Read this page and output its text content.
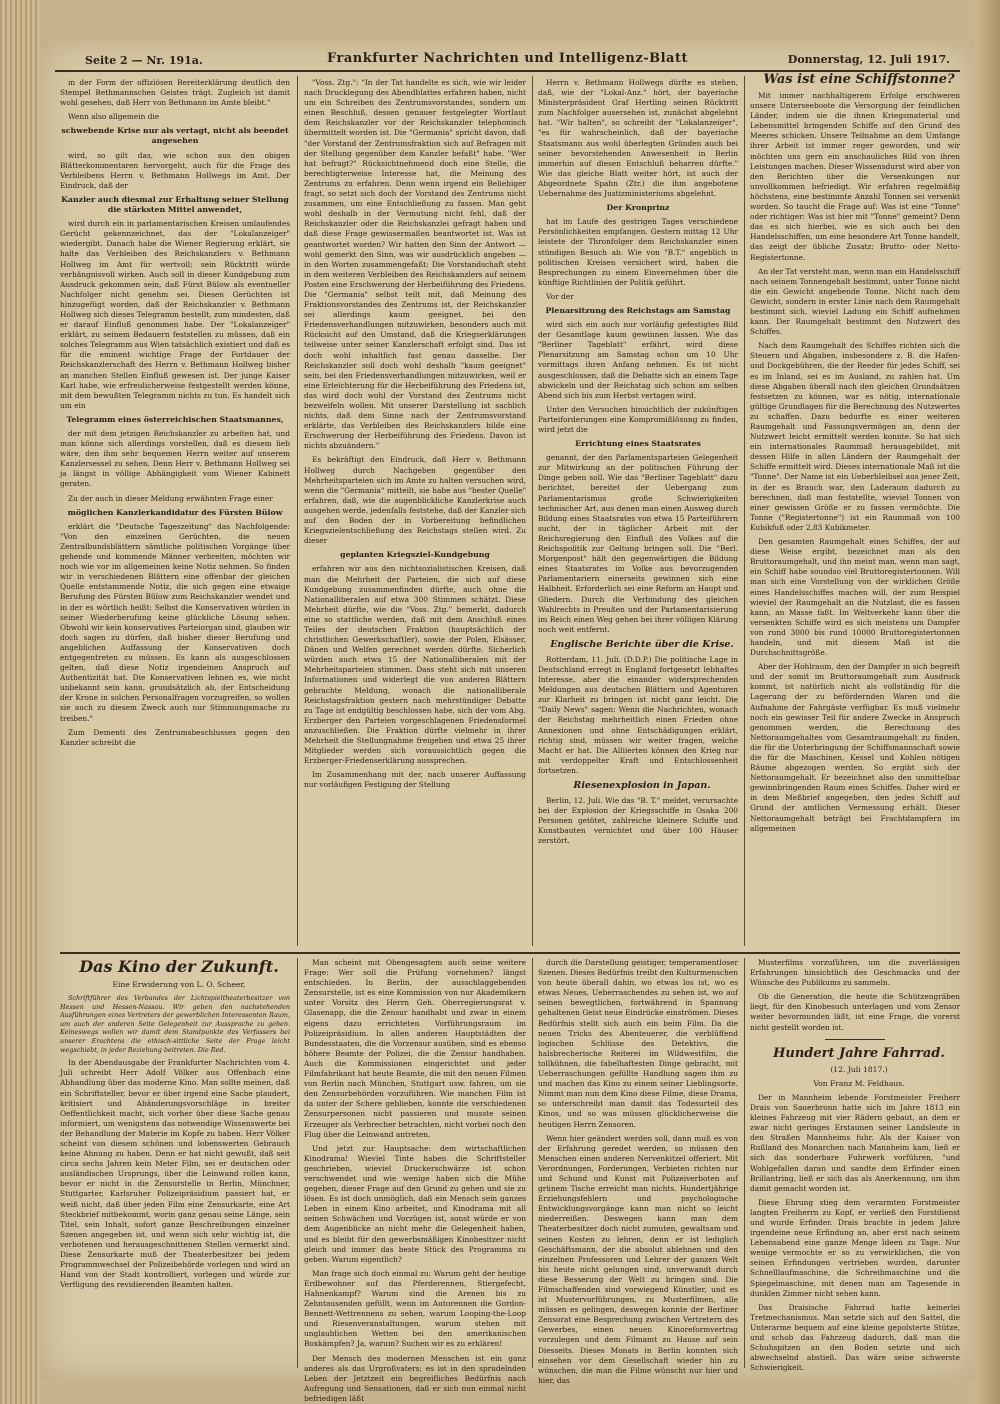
Seite 2 — Nr. 191a.	Frankfurter Nachrichten und Intelligenz-Blatt	Donnerstag, 12. Juli 1917.

in der Form der offiziösen Bereiterklärung deutlich den Stempel Bethmannschen Geistes trägt. Zugleich ist damit wohl gesehen, daß Herr von Bethmann im Amte bleibt."

Wenn also allgemein die

schwebende Krise nur als vertagt, nicht als beendet angesehen

wird, so gilt das, wie schon aus den obigen Blätterkommentaren hervorgeht, auch für die Frage des Verbleibens Herrn v. Bethmann Hollwegs im Amt. Der Eindruck, daß der

Kanzler auch diesmal zur Erhaltung seiner Stellung die stärksten Mittel anwendet,

wird durch ein in parlamentarischen Kreisen umlaufendes Gerücht gekennzeichnet, das der "Lokalanzeiger" wiedergibt. Danach habe die Wiener Regierung erklärt, sie halte das Verbleiben des Reichskanzlers v. Bethmann Hollweg im Amt für wertvoll; sein Rücktritt würde verhängnisvoll wirken. Auch soll in dieser Kundgebung zum Ausdruck gekommen sein, daß Fürst Bülow als eventueller Nachfolger nicht genehm sei. Diesen Gerüchten ist hinzugefügt worden, daß der Reichskanzler v. Bethmann Hollweg sich dieses Telegramm bestellt, zum mindesten, daß er darauf Einfluß genommen habe. Der "Lokalanzeiger" erklärt, zu seinem Bedauern feststellen zu müssen, daß ein solches Telegramm aus Wien tatsächlich existiert und daß es für die eminent wichtige Frage der Fortdauer der Reichskanzlerschaft des Herrn v. Bethmann Hollweg bisher an manchen Stellen Einfluß gewesen ist. Der junge Kaiser Karl habe, wie erfreulicherweise festgestellt werden könne, mit dem bewußten Telegramm nichts zu tun. Es handelt sich um ein

Telegramm eines österreichischen Staatsmannes,

der mit dem jetzigen Reichskanzler zu arbeiten hat, und man könne sich allerdings vorstellen, daß es diesem lieb wäre, den ihm sehr bequemen Herrn weiter auf unserem Kanzlersessel zu sehen. Denn Herr v. Bethmann Hollweg sei ja längst in völlige Abhängigkeit vom Wiener Kabinett geraten.

Zu der auch in dieser Meldung erwähnten Frage einer

möglichen Kanzlerkandidatur des Fürsten Bülow

erklärt die "Deutsche Tageszeitung" das Nachfolgende: "Von den einzelnen Gerüchten, die neuen Zentralbundsblättern sämtliche politischen Vorgänge über gehende und kommende Männer verbreiten, möchten wir noch wie vor im allgemeinen keine Notiz nehmen. So finden wir in verschiedenen Blättern eine offenbar der gleichen Quelle entstammende Notiz, die sich gegen eine etwaige Berufung des Fürsten Bülow zum Reichskanzler wendet und in der es wörtlich heißt: Selbst die Konservativen würden in seiner Wiederberufung keine glückliche Lösung sehen. Obwohl wir kein konservatives Parteiorgan sind, glauben wir doch sagen zu dürfen, daß bisher dieser Berufung und angeblichen Auffassung der Konservativen doch entgegentreten zu müssen. Es kann als ausgeschlossen gelten, daß diese Notiz irgendeinen Anspruch auf Authentizität hat. Die Konservativen lehnen es, wie nicht unbekannt sein kann, grundsätzlich ab, der Entscheidung der Krone in solchen Personalfragen vorzugreifen, so wollen sie auch zu diesem Zweck auch nur Stimmungsmache zu treiben."

Zum Dementi des Zentrumsbeschlusses gegen den Kanzler schreibt die

"Voss. Ztg.": "In der Tat handelte es sich, wie wir leider nach Drucklegung des Abendblattes erfahren haben, nicht um ein Schreiben des Zentrumsvorstandes, sondern um einen Beschluß, dessen genauer festgelegter Wortlaut dem Reichskanzler vor der Reichskanzler telephonisch übermittelt worden ist. Die "Germania" spricht davon, daß "der Vorstand der Zentrumsfraktion sich auf Befragen mit der Stellung gegenüber dem Kanzler befaßt" habe. "Wer hat befragt?" Rücksichtnehmend doch eine Stelle, die berechtigterweise Interesse hat, die Meinung des Zentrums zu erfahren. Denn wenn irgend ein Beliebiger fragt, so setzt sich doch der Vorstand des Zentrums nicht zusammen, um eine Entschließung zu fassen. Man geht wohl deshalb in der Vermutung nicht fehl, daß der Reichskanzler oder die Reichskanzlei gefragt haben und daß diese Frage gewissermaßen beantwortet ist. Was ist geantwortet worden? Wir hatten den Sinn der Antwort — wohl gemerkt den Sinn, was wir ausdrücklich angeben — in den Worten zusammengefaßt: Die Vorstandschaft steht in dem weiteren Verbleiben des Reichskanzlers auf seinem Posten eine Erschwerung der Herbeiführung des Friedens. Die "Germania" selbst teilt mit, daß Meinung des Fraktionsvorstandes des Zentrums ist, der Reichskanzler sei allerdings kaum geeignet, bei den Friedensverhandlungen mitzuwirken, besonders auch mit Rücksicht auf den Umstand, daß die Kriegserklärungen teilweise unter seiner Kanzlerschaft erfolgt sind. Das ist doch wohl inhaltlich fast genau dasselbe. Der Reichskanzler soll doch wohl deshalb "kaum geeignet" sein, bei den Friedensverhandlungen mitzuwirken, weil er eine Erleichterung für die Herbeiführung des Friedens ist, das wird doch wohl der Vorstand des Zentrums nicht bezweifeln wollen. Mit unserer Darstellung ist sachlich nichts, daß dem Sinne nach der Zentrumsvorstand erklärte, das Verbleiben des Reichskanzlers bilde eine Erschwerung der Herbeiführung des Friedens. Davon ist nichts abzuändern."

Es bekräftigt den Eindruck, daß Herr v. Bethmann Hollweg durch Nachgeben gegenüber den Mehrheitsparteien sich im Amte zu halten versuchen wird, wenn die "Germania" mitteilt, sie habe aus "bester Quelle" erfahren, daß, wie die augenblickliche Kanzlerkrise auch ausgehen werde, jedenfalls feststehe, daß der Kanzler sich auf den Boden der in Vorbereitung befindlichen Kriegszielentschließung des Reichstags stellen wird. Zu dieser

geplanten Kriegsziel-Kundgebung

erfahren wir aus den nichtsozialistischen Kreisen, daß man die Mehrheit der Parteien, die sich auf diese Kundgebung zusammenfinden dürfte, auch ohne die Nationalliberalen auf etwa 300 Stimmen schätzt. Diese Mehrheit dürfte, wie die "Voss. Ztg." bemerkt, dadurch eine so stattliche werden, daß mit dem Anschluß eines Teiles der deutschen Fraktion (hauptsächlich der christlichen Gewerkschaftler), sowie der Polen, Elsässer, Dänen und Welfen gerechnet werden dürfte. Sicherlich würden auch etwa 15 der Nationalliberalen mit der Mehrheitsparteien stimmen. Dass steht sich mit unseren Informationen und widerlegt die von anderen Blättern gebrachte Meldung, wonach die nationalliberale Reichstagsfraktion gestern nach mehrstündiger Debatte zu Tage ist endgültig beschlossen habe, sich der vom Abg. Erzberger den Parteien vorgeschlagenen Friedensformel anzuschließen. Die Fraktion dürfte vielmehr in ihrer Mehrheit die Stellungnahme freigeben und etwa 25 ihrer Mitglieder werden sich voraussichtlich gegen die Erzberger-Friedenserklärung aussprechen.

Im Zusammenhang mit der, nach unserer Auffassung nur vorläufigen Festigung der Stellung

Herrn v. Bethmann Hollwegs dürfte es stehen, daß, wie der "Lokal-Anz." hört, der bayerische Ministerpräsident Graf Hertling seinen Rücktritt zum Nachfolger ausersehen ist, zunächst abgelehnt hat. "Wir halten", so schreibt der "Lokalanzeiger", "es für wahrscheinlich, daß der bayerische Staatsmann aus wohl überlegten Gründen auch bei seiner bevorstehenden Anwesenheit in Berlin immerhin auf diesen Entschluß beharren dürfte." Wie das gleiche Blatt weiter hört, ist auch der Abgeordnete Spahn (Ztr.) die ihm angebotene Uebernahme des Justizministeriums abgelehnt.

Der Kronprinz

hat im Laufe des gestrigen Tages verschiedene Persönlichkeiten empfangen. Gestern mittag 12 Uhr leistete der Thronfolger dem Reichskanzler einen stündigen Besuch ab. Wie von "B.T." angeblich in politischen Kreisen versichert wird, haben die Besprechungen zu einem Einvernehmen über die künftige Richtlinien der Politik geführt.

Vor der

Plenarsitzung des Reichstags am Samstag

wird sich ein auch nur vorläufig gefestigtes Bild der Gesamtlage kaum gewinnen lassen. Wie das "Berliner Tageblatt" erfährt, wird diese Plenarsitzung am Samstag schon um 10 Uhr vormittags ihren Anfang nehmen. Es ist nicht ausgeschlossen, daß die Debatte sich an einem Tage abwickeln und der Reichstag sich schon am selben Abend sich bis zum Herbst vertagen wird.

Unter den Versuchen hinsichtlich der zukünftigen Parteiforderungen eine Kompromißlösung zu finden, wird jetzt die

Errichtung eines Staatsrates

genannt, der den Parlamentsparteien Gelegenheit zur Mitwirkung an der politischen Führung der Dinge geben soll. Wie das "Berliner Tageblatt" dazu berichtet, bereitet der Uebergang zum Parlamentarismus große Schwierigkeiten technischer Art, aus denen man einen Ausweg durch Bildung eines Staatsrates von etwa 15 Parteiführern sucht, der in täglicher Arbeit mit der Reichsregierung den Einfluß des Volkes auf die Reichspolitik zur Geltung bringen soll. Die "Berl. Morgenpost" hält den gegenwärtigen die Bildung eines Staatsrates im Volke aus bevorzugenden Parlamentariern einerseits gewinnen sich eine Halbheit. Erforderlich sei eine Reform an Haupt und Gliedern. Durch die Verbindung des gleichen Wahlrechts in Preußen und der Parlamentarisierung im Reich einen Weg gehen bei ihrer völligen Klärung noch weit entfernt.

Englische Berichte über die Krise.

Rotterdam, 11. Juli. (D.D.P.) Die politische Lage in Deutschland erregt in England fortgesetzt lebhaftes Interesse, aber die einander widersprechenden Meldungen aus deutschen Blättern und Agenturen zur Klarheit zu bringen ist nicht ganz leicht. Die "Daily News" sagen: Wenn die Nachrichten, wonach der Reichstag mehrheitlich einen Frieden ohne Annexionen und ohne Entschädigungen erklärt, richtig sind, müssen wir weiter fragen, welche Macht er hat. Die Alliierten können den Krieg nur mit verdoppelter Kraft und Entschlossenheit fortsetzen.

Riesenexplosion in Japan.

Berlin, 12. Juli. Wie das "B. T." meldet, verursachte bei der Explosion der Kriegsschiffe in Osaka 200 Personen getötet, zahlreiche kleinere Schiffe und Kunstbauten vernichtet und über 100 Häuser zerstört.

Was ist eine Schiffstonne?

Mit immer nachhaltigerem Erfolge erschweren unsere Unterseeboote die Versorgung der feindlichen Länder, indem sie die ihnen Kriegsmaterial und Lebensmittel bringenden Schiffe auf den Grund des Meeres schicken. Unsere Teilnahme an dem Umfange ihrer Arbeit ist immer reger geworden, und wir möchten uns gern ein anschauliches Bild von ihren Leistungen machen. Dieser Wissensdurst wird aber von den Berichten über die Versenkungen nur unvollkommen befriedigt. Wir erfahren regelmäßig höchstens, eine bestimmte Anzahl Tonnen sei versenkt worden. So taucht die Frage auf: Was ist eine "Tonne" oder richtiger: Was ist hier mit "Tonne" gemeint? Denn das es sich hierbei, wie es sich auch bei den Handelsschiffen, um eine besondere Art Tonne handelt, das zeigt der übliche Zusatz: Brutto- oder Netto-Registertonne.

An der Tat versteht man, wenn man ein Handelsschiff nach seinem Tonnengehalt bestimmt, unter Tonne nicht die ein Gewicht angebende Tonne. Nicht nach dem Gewicht, sondern in erster Linie nach dem Raumgehalt bestimmt sich, wieviel Ladung ein Schiff aufnehmen kann. Der Raumgehalt bestimmt den Nutzwert des Schiffes.

Nach dem Raumgehalt des Schiffes richten sich die Steuern und Abgaben, insbesondere z. B. die Hafen- und Dockgebühren, die der Reeder für jedes Schiff, sei es im Inland, sei es im Ausland, zu zahlen hat. Um diese Abgaben überall nach den gleichen Grundsätzen festsetzen zu können, war es nötig, internationale gültige Grundlagen für die Berechnung des Nutzwertes zu schaffen. Dazu bedurfte es einer weiteren Raumgehalt und Fassungsvermögen an, denn der Nutzwert leicht ermittelt werden konnte. So hat sich ein internationales Raummaß herausgebildet, mit dessen Hilfe in allen Ländern der Raumgehalt der Schiffe ermittelt wird. Dieses internationale Maß ist die "Tonne". Der Name ist ein Ueberbleibsel aus jener Zeit, in der es Brauch war, den Laderaum dadurch zu berechnen, daß man feststellte, wieviel Tonnen von einer gewissen Größe er zu fassen vermöchte. Die Tonne ("Registertonne") ist ein Raummaß von 100 Kubikfuß oder 2,83 Kubikmeter.

Den gesamten Raumgehalt eines Schiffes, der auf diese Weise ergibt, bezeichnet man als den Bruttoraumgehalt, und ihn meint man, wenn man sagt, ein Schiff habe soundso viel Bruttoregistertonnen. Will man sich eine Vorstellung von der wirklichen Größe eines Handelsschiffes machen will, der zum Beispiel wieviel der Raumgehalt an die Nutzlast, die es fassen kann, an Masse faßt. Im Weltverkehr kann über die versenkten Schiffe wird es sich meistens um Dampfer von rund 3000 bis rund 10000 Bruttoregistertonnen handeln, und mit diesem Maß ist die Durchschnittsgröße.

Aber der Hohlraum, den der Dampfer in sich begreift und der somit im Bruttoraumgehalt zum Ausdruck kommt, ist natürlich nicht als vollständig für die Lagerung der zu befördernden Waren und die Aufnahme der Fahrgäste verfügbar. Es muß vielmehr noch ein gewisser Teil für andere Zwecke in Anspruch genommen werden, die Berechnung des Nettoraumgehaltes vom Gesamtraumgehalt zu finden, die für die Unterbringung der Schiffsmannschaft sowie die für die Maschinen, Kessel und Kohlen nötigen Räume abgezogen werden. So ergibt sich der Nettoraumgehalt. Er bezeichnet also den unmittelbar gewinnbringenden Raum eines Schiffes. Daher wird er in dem Meßbrief angegeben, den jedes Schiff auf Grund der amtlichen Vermessung erhält. Dieser Nettoraumgehalt beträgt bei Frachtdampfern im allgemeinen

Das Kino der Zukunft.

Eine Erwiderung von L. O. Scheer,

Schriftführer des Verbandes der Lichtspieltheaterbesitzer von Hessen und Hessen-Nassau. Wir geben den nachstehenden Ausführungen eines Vertreters der gewerblichen Interessenten Raum, um auch der anderen Seite Gelegenheit zur Aussprache zu geben. Keineswegs wollen wir damit dem Standpunkte des Verfassers bei unserer Erachtens die ethisch-sittliche Seite der Frage leicht wegschiebt, in jeder Beziehung beitreten. Die Red.

In der Abendausgabe der Frankfurter Nachrichten vom 4. Juli schreibt Herr Adolf Völker aus Offenbach eine Abhandlung über das moderne Kino. Man sollte meinen, daß ein Schriftsteller, bevor er über irgend eine Sache plaudert, kritisiert und Abänderungsvorschläge in breiter Oeffentlichkeit macht, sich vorher über diese Sache genau informiert, um wenigstens das notwendige Wissenswerte bei der Behandlung der Materie im Kopfe zu haben. Herr Völker scheint von diesem schönen und lobenswerten Gebrauch keine Ahnung zu haben. Denn er hat nicht gewußt, daß seit circa sechs Jahren kein Meter Film, sei er deutschen oder ausländischen Ursprungs, über die Leinwand rollen kann, bevor er nicht in die Zensurstelle in Berlin, Münchner, Stuttgarter, Karlsruher Polizeipräsidium passiert hat, er weiß nicht, daß über jeden Film eine Zensurkarte, eine Art Steckbrief mitbekommt, worin ganz genau seine Länge, sein Titel, sein Inhalt, sofort ganze Beschreibungen einzelner Szenen angegeben ist, und wenn sich sehr wichtig ist, die verbotenen und herausgeschnittenen Stellen vermerkt sind. Diese Zensurkarte muß der Theaterbesitzer bei jedem Programmwechsel der Polizeibehörde vorlegen und wird an Hand von der Stadt kontrolliert, vorlegen und würde zur Verfügung des revidierenden Beamten halten.

Man scheint mit Obengesagtem auch seine weitere Frage: Wer soll die Prüfung vornehmen? längst entschieden. In Berlin, der ausschlaggebenden Zensurstelle, ist es eine Kommission von nur Akademikern unter Vorsitz des Herrn Geh. Oberregierungsrat v. Glasenapp, die die Zensur handhabt und zwar in einem eigens dazu errichteten Vorführungsraum im Polizeipräsidium. In allen anderen Hauptstädten der Bundesstaaten, die die Vorzensur ausüben, sind es ebenso höhere Beamte der Polizei, die die Zensur handhaben. Auch die Kommissionen eingerichtet und jeder Filmfabrikant hat heute Beamte, die mit den neuen Filmen von Berlin nach München, Stuttgart usw. fahren, um sie den Zensurbehörden vorzuführen. Wie manchen Film ist da unter der Schere geblieben, konnte die verschiedenen Zensurpersonen nicht passieren und musste seinen Erzeuger als Verbrecher betrachten, nicht vorbei noch den Flug über die Leinwand antreten.

Und jetzt zur Hauptsache: dem wirtschaftlichen Kinodrama! Wieviel Tinte haben die Schriftsteller geschrieben, wieviel Druckerschwärze ist schon verschwendet und wie wenige haben sich die Mühe gegeben, dieser Frage auf den Grund zu gehen und sie zu lösen. Es ist doch unmöglich, daß ein Mensch sein ganzes Leben in einem Kino arbeitet, und Kinodrama mit all seinen Schwächen und Vorzügen ist, sonst würde er von dem Augenblicke an nicht mehr die Gelegenheit haben, und es bleibt für den gewerbsmäßigen Kinobesitzer nicht gleich und immer das beste Stück des Programms zu geben. Warum eigentlich?

Man frage sich doch einmal zu: Warum geht der heutige Erdbewohner auf das Pferderennen, Stiergefecht, Hahnenkampf? Warum sind die Arenen bis zu Zehntausenden gefüllt, wenn im Autorennen die Gordon-Bennett-Wettrennens zu sehen, warum Looping-the-Loop und Riesenveranstaltungen, warum stehen mit unglaublichen Wetten bei den amerikanischen Boxkämpfen? Ja, warum? Suchen wir es zu erklären!

Der Mensch des modernen Menschen ist ein ganz anderes als das Urgroßvaters; es ist in den sprudelnden Leben der Jetztzeit ein begreifliches Bedürfnis nach Aufregung und Sensationen, daß er sich nun einmal nicht befriedigen läßt

durch die Darstellung geistiger, temperamentloser Szenen. Dieses Bedürfnis treibt den Kulturmenschen von heute überall dahin, wo etwas los ist, wo es etwas Neues, Ueberraschendes zu sehen ist, wo auf seinen bewegtlichen, fortwährend in Spannung gehaltenen Geist neue Eindrücke einströmen. Dieses Bedürfnis stellt sich auch ein beim Film. Da die neuen Tricks des Abenteuerer, die verblüffend logischen Schlüsse des Detektivs, die halsbrecherische Reiterei im Wildwestfilm, die tollkühnen, die fabelhaftesten Dinge gebracht, mit Ueberraschungen gefüllte Handlung sagen ihm zu und machen das Kino zu einem seiner Lieblingsorte. Nimmt man nun dem Kino diese Filme, diese Drama, so unterschreibt man damit das Todesurteil des Kinos, und so was müssen glücklicherweise die heutigen Herrn Zensoren.

Wenn hier geändert werden soll, dann muß es von der Erfahrung geredet werden, so müssen den Menschen einen anderen Nervenkitzel offeriert. Mit Verordnungen, Forderungen, Verbieten richten nur und Schund und Kunst mit Polizeiverboten auf grünem Tische erreicht man nichts. Hundertjährige Erziehungsfehlern und psychologische Entwicklungsvorgänge kann man nicht so leicht niederreißen. Deswegen kann man dem Theaterbesitzer doch nicht zumuten, gewaltsam und seinen Kosten zu lehren, denn er ist lediglich Geschäftsmann, der die absolut ablehnen und den einzelnen Professoren und Lehrer der ganzen Welt bis heute nicht gelungen sind, unverwandt durch diese Besserung der Welt zu bringen sind. Die Filmschaffenden sind vorwiegend Künstler, und es ist Mustervorführungen, zu Musterfilmen, alle müssen es gelingen, deswegen konnte der Berliner Zensorat eine Besprechung zwischen Vertretern des Gewerbes, einen neuen Kinoreformvertrag vorzulegen und dem Filmamt zu Hause auf sein Diesseits. Dieses Monats in Berlin konnten sich einsehen vor dem Gesellschaft wieder hin zu wünschen, die man die Filme wünscht nur hier und hier, das

Musterfilms vorzuführen, um die zuverlässigen Erfahrungen hinsichtlich des Geschmacks und der Wünsche des Publikums zu sammeln.

Ob die Generation, die heute die Schützengräben liegt, für den Kinobesuch unterlagen und vom Zensor weiter bevormunden läßt, ist eine Frage, die vorerst nicht gestellt worden ist.

Hundert Jahre Fahrrad.

(12. Juli 1817.)

Von Franz M. Feldhaus.

Der in Mannheim lebende Forstmeister Freiherr Drais von Sauerbronn hatte sich im Jahre 1813 ein kleines Fahrzeug mit vier Rädern gebaut, an dem er zwar nicht geringes Erstaunen seiner Landsleute in den Straßen Mannheims fuhr. Als der Kaiser von Rußland des Monarchen nach Mannheim kam, ließ er sich das sonderbare Fuhrwerk vorführen, "und Wohlgefallen daran und sandte dem Erfinder einen Brillantring, ließ er sich das als Anerkennung, um ihm damit gemacht worden ist.

Diese Ehrung stieg dem verarmten Forstmeister langten Freiherrn zu Kopf, er verließ den Forstdienst und wurde Erfinder. Drais brachte in jedem Jahre irgendeine neue Erfindung an, aber erst nach seinem Lebensabend eine ganze Menge Ideen zu Tage. Nur wenige vermochte er so zu verwirklichen, die von seinen Erfindungen vertrieben wurden, darunter Schnelllaufmaschine, die Schreibmaschine und die Spiegelmaschine, mit denen man am Tagesende in dunklen Zimmer nicht sehen kann.

Das Draisische Fahrrad hatte keinerlei Tretmechanismus. Man setzte sich auf den Sattel, die Unterarme bequem auf eine kleine gepolsterte Stütze, und schob das Fahrzeug dadurch, daß man die Schuhspitzen an den Boden setzte und sich abwechselnd abstieß. Das wäre seine schwerste Schwierigkeit.
